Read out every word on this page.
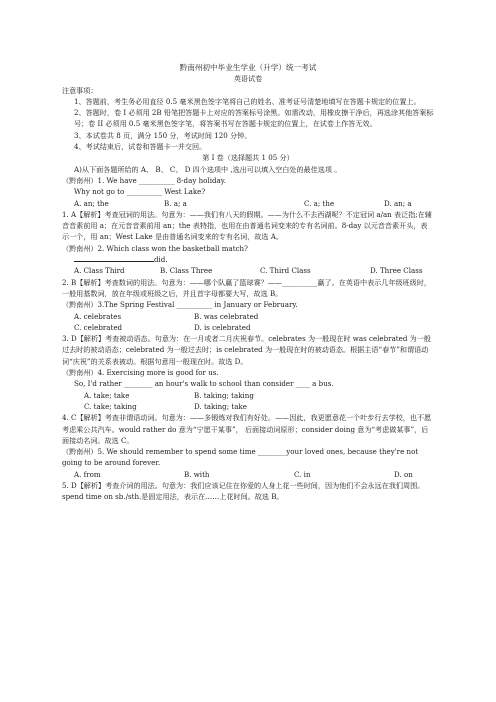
黔南州初中毕业生学业（升学）统一考试
英语试卷
注意事项：
1、答题前，考生务必用直径 0.5 毫米黑色签字笔将自己的姓名、准考证号清楚地填写在答题卡规定的位置上。
2、答题时，卷 I 必须用 2B 铅笔把答题卡上对应的答案标号涂黑。如需改动，用橡皮擦干净后，再选涂其他答案标号；卷 II 必须用 0.5 毫米黑色签字笔，将答案书写在答题卡规定的位置上，在试卷上作答无效。
3、本试卷共 8 页，满分 150 分，考试时间 120 分钟。
4、考试结束后，试卷和答题卡一并交回。
第 I 卷（选择题共 1 05 分）
A)从下面各题所给的 A、 B、 C、 D 四个选项中 ,选出可以填入空白处的最佳选项 。
（黔南州）1. We have __________ 8-day holiday.
Why not go to __________ West Lake?
A. an; the	B. a; a	C. a; the	D. an; a
1. A【解析】考查冠词的用法。句意为：——我们有八天的假期。——为什么不去西湖呢？不定冠词 a/an 表泛指;在辅音音素前用 a；在元音音素前用 an；the 表特指，也用在由普通名词变来的专有名词前。8-day 以元音音素开头，表示一个，用 an；West Lake 是由普通名词变来的专有名词，故选 A。
（黔南州）2. Which class won the basketball match?
did.
A. Class Third	B. Class Three	C. Third Class	D. Three Class
2. B【解析】考查数词的用法。句意为：——哪个队赢了篮球赛？——__________赢了。在英语中表示几年级班级时，一般用基数词，放在年级或班级之后，并且首字母都要大写，故选 B。
（黔南州）3.The Spring Festival __________ in January or February.
A. celebrates	B. was celebrated
C. celebrated	D. is celebrated
3. D【解析】考查被动语态。句意为：在一月或者二月庆祝春节。celebrates 为一般现在时 was celebrated 为一般过去时的被动语态；celebrated 为一般过去时；is celebrated 为一般现在时的被动语态。根据主语“春节”和谓语动词“庆祝”的关系表被动。根据句意用一般现在时。故选 D。
（黔南州）4. Exercising more is good for us.
So, I'd rather ________ an hour's walk to school than consider ____ a bus.
A. take; take	B. taking; taking
C. take; taking	D. taking; take
4. C【解析】考查非谓语动词。句意为：——多锻炼对我们有好处。——因此，我更愿意花一个叶步行去学校，也不愿考虑乘公共汽车。would rather do 意为“宁愿干某事”， 后面接动词原形；consider doing 意为“考虑做某事”，后面接动名词。故选 C。
（黔南州）5. We should remember to spend some time ________your loved ones, because they're not going to be around forever.
A. from	B. with	C. in	D. on
5. D【解析】考查介词的用法。句意为：我们应该记住在你爱的人身上花一些时间，因为他们不会永远在我们周围。spend time on sb./sth.是固定用法，表示在……上花时间。故选 B。
